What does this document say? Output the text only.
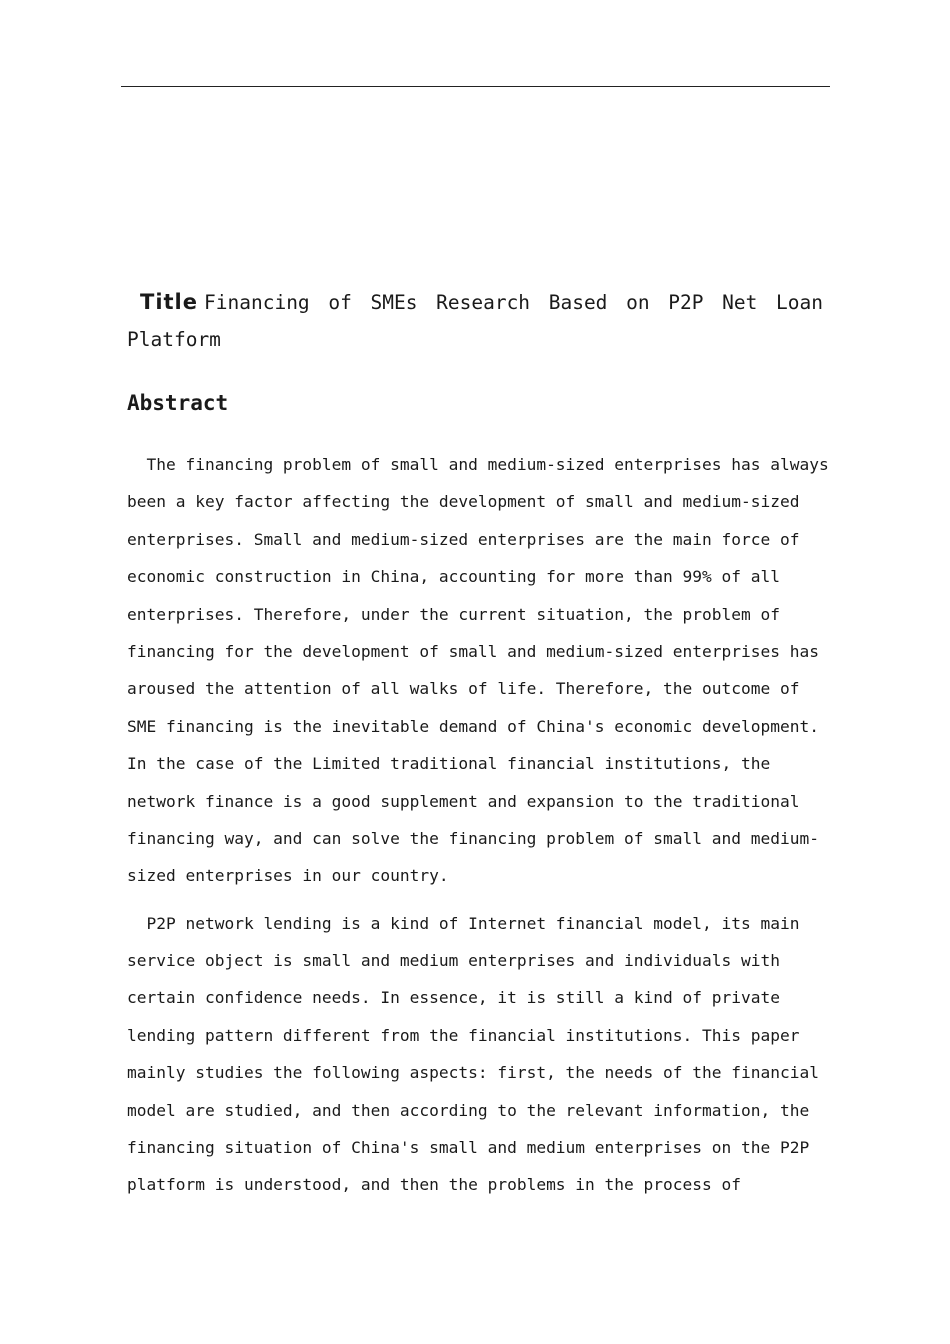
Title Financing of SMEs Research Based on P2P Net Loan Platform
Abstract
The financing problem of small and medium-sized enterprises has always
been a key factor affecting the development of small and medium-sized
enterprises. Small and medium-sized enterprises are the main force of
economic construction in China, accounting for more than 99% of all
enterprises. Therefore, under the current situation, the problem of
financing for the development of small and medium-sized enterprises has
aroused the attention of all walks of life. Therefore, the outcome of
SME financing is the inevitable demand of China's economic development.
In the case of the Limited traditional financial institutions, the
network finance is a good supplement and expansion to the traditional
financing way, and can solve the financing problem of small and medium-
sized enterprises in our country.
P2P network lending is a kind of Internet financial model, its main
service object is small and medium enterprises and individuals with
certain confidence needs. In essence, it is still a kind of private
lending pattern different from the financial institutions. This paper
mainly studies the following aspects: first, the needs of the financial
model are studied, and then according to the relevant information, the
financing situation of China's small and medium enterprises on the P2P
platform is understood, and then the problems in the process of
